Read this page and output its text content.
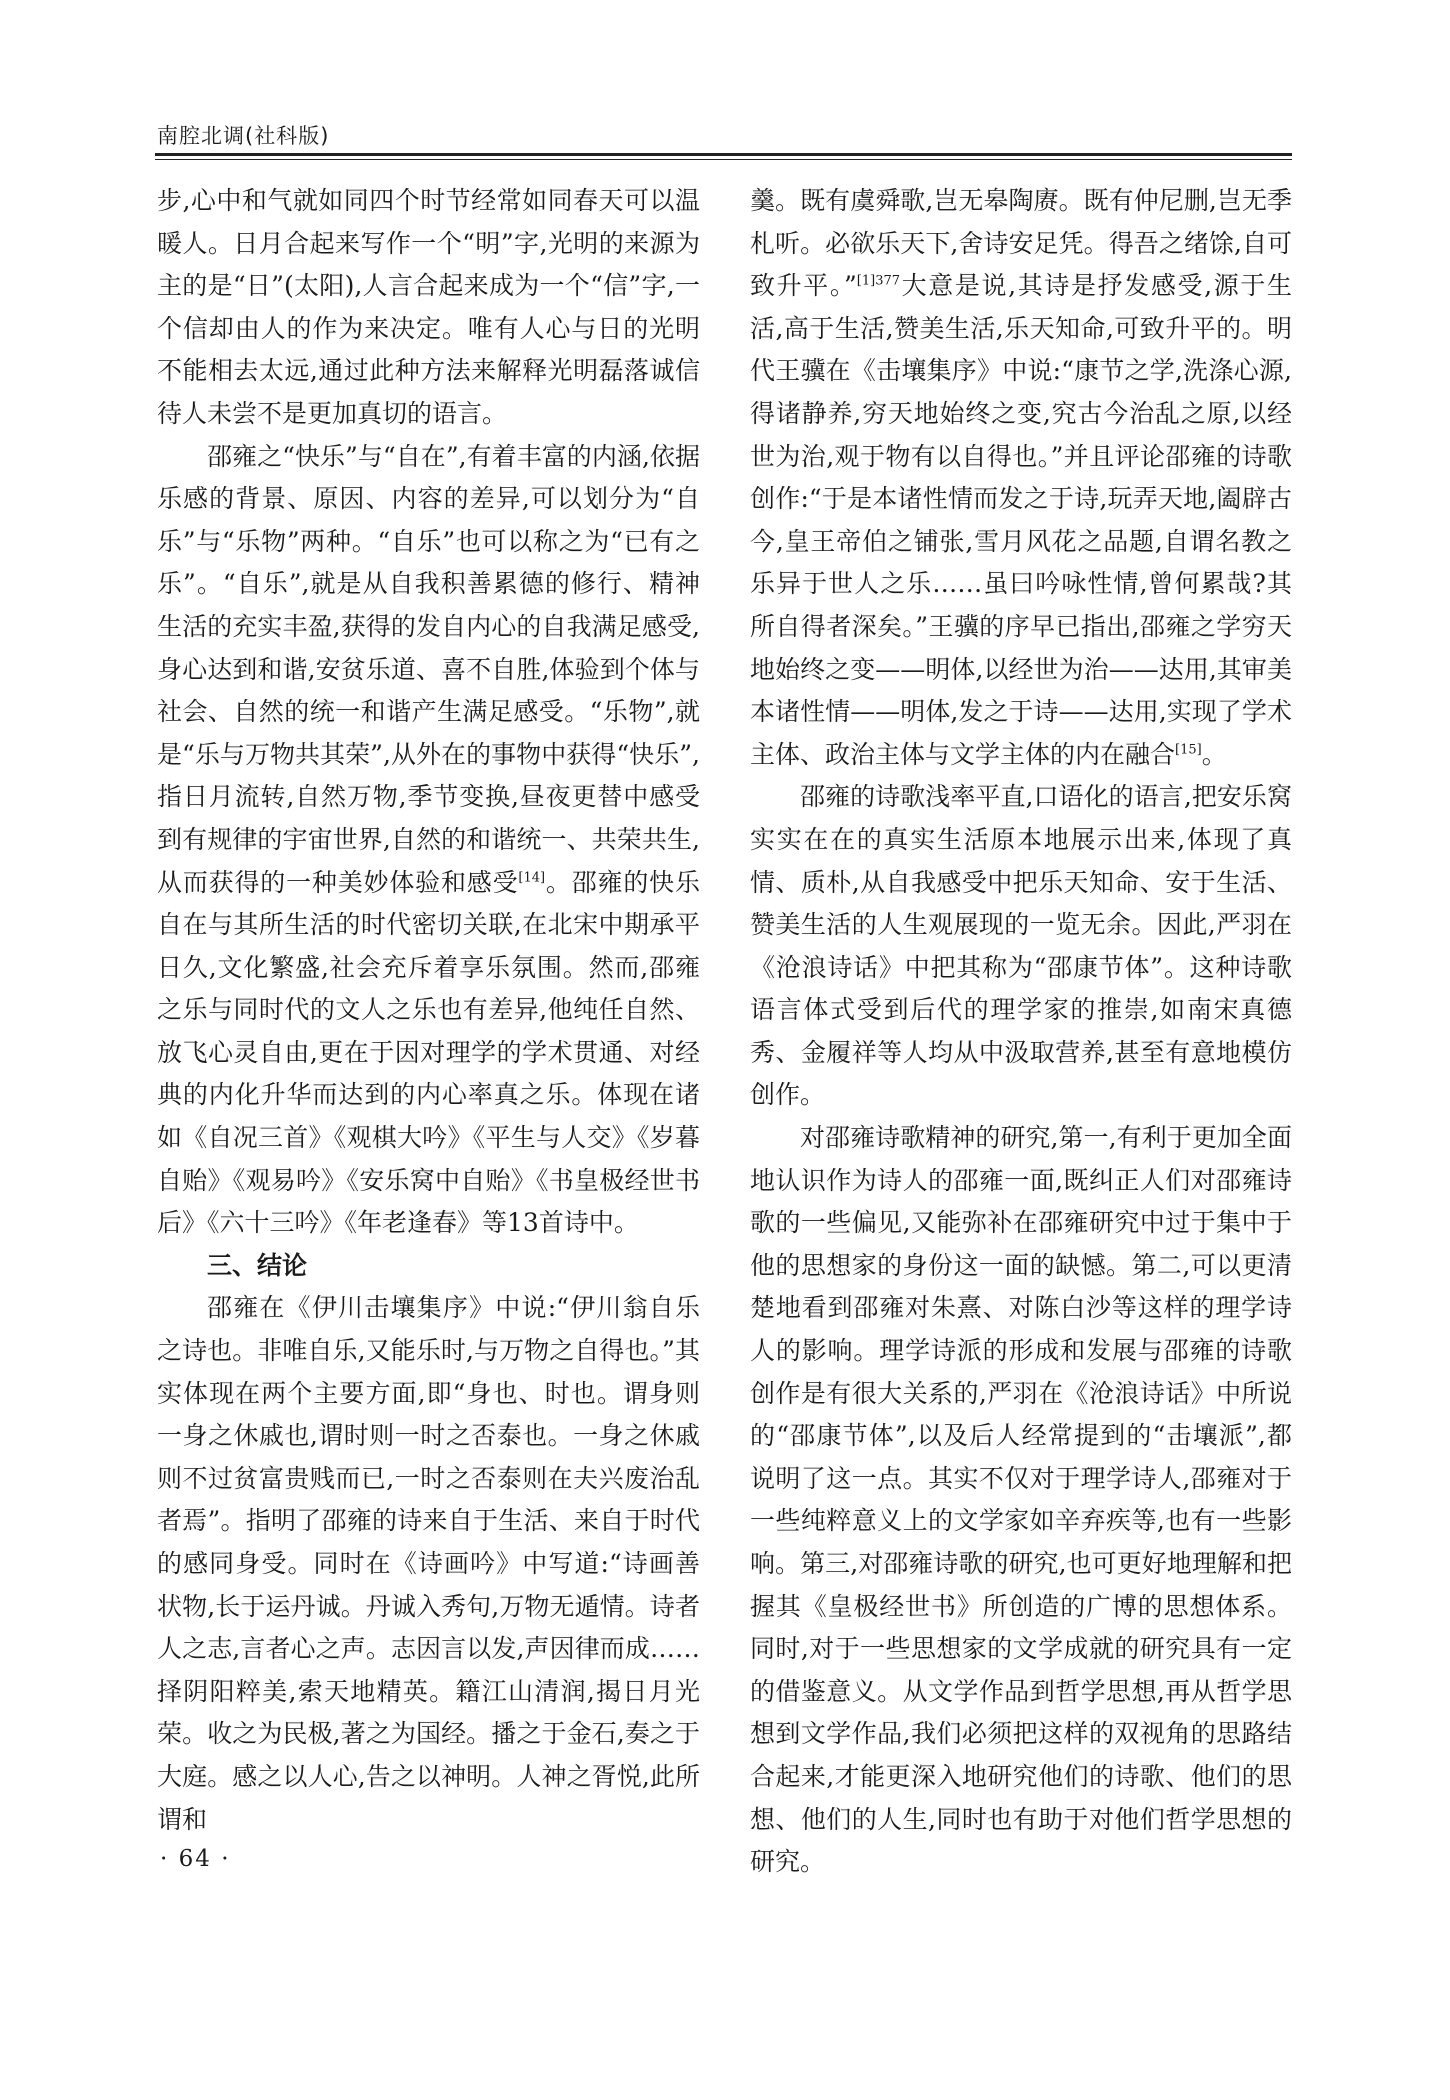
南腔北调(社科版)

步,心中和气就如同四个时节经常如同春天可以温暖人。日月合起来写作一个“明”字,光明的来源为主的是“日”(太阳),人言合起来成为一个“信”字,一个信却由人的作为来决定。唯有人心与日的光明不能相去太远,通过此种方法来解释光明磊落诚信待人未尝不是更加真切的语言。

邵雍之“快乐”与“自在”,有着丰富的内涵,依据乐感的背景、原因、内容的差异,可以划分为“自乐”与“乐物”两种。“自乐”也可以称之为“已有之乐”。“自乐”,就是从自我积善累德的修行、精神生活的充实丰盈,获得的发自内心的自我满足感受,身心达到和谐,安贫乐道、喜不自胜,体验到个体与社会、自然的统一和谐产生满足感受。“乐物”,就是“乐与万物共其荣”,从外在的事物中获得“快乐”,指日月流转,自然万物,季节变换,昼夜更替中感受到有规律的宇宙世界,自然的和谐统一、共荣共生,从而获得的一种美妙体验和感受[14]。邵雍的快乐自在与其所生活的时代密切关联,在北宋中期承平日久,文化繁盛,社会充斥着享乐氛围。然而,邵雍之乐与同时代的文人之乐也有差异,他纯任自然、放飞心灵自由,更在于因对理学的学术贯通、对经典的内化升华而达到的内心率真之乐。体现在诸如《自况三首》《观棋大吟》《平生与人交》《岁暮自贻》《观易吟》《安乐窝中自贻》《书皇极经世书后》《六十三吟》《年老逢春》等13首诗中。

三、结论

邵雍在《伊川击壤集序》中说:“伊川翁自乐之诗也。非唯自乐,又能乐时,与万物之自得也。”其实体现在两个主要方面,即“身也、时也。谓身则一身之休戚也,谓时则一时之否泰也。一身之休戚则不过贫富贵贱而已,一时之否泰则在夫兴废治乱者焉”。指明了邵雍的诗来自于生活、来自于时代的感同身受。同时在《诗画吟》中写道:“诗画善状物,长于运丹诚。丹诚入秀句,万物无遁情。诗者人之志,言者心之声。志因言以发,声因律而成……择阴阳粹美,索天地精英。籍江山清润,揭日月光荣。收之为民极,著之为国经。播之于金石,奏之于大庭。感之以人心,告之以神明。人神之胥悦,此所谓和

羹。既有虞舜歌,岂无皋陶赓。既有仲尼删,岂无季札听。必欲乐天下,舍诗安足凭。得吾之绪馀,自可致升平。”$^{[1]377}$大意是说,其诗是抒发感受,源于生活,高于生活,赞美生活,乐天知命,可致升平的。明代王骥在《击壤集序》中说:“康节之学,洗涤心源,得诸静养,穷天地始终之变,究古今治乱之原,以经世为治,观于物有以自得也。”并且评论邵雍的诗歌创作:“于是本诸性情而发之于诗,玩弄天地,阖辟古今,皇王帝伯之铺张,雪月风花之品题,自谓名教之乐异于世人之乐……虽曰吟咏性情,曾何累哉?其所自得者深矣。”王骥的序早已指出,邵雍之学穷天地始终之变——明体,以经世为治——达用,其审美本诸性情——明体,发之于诗——达用,实现了学术主体、政治主体与文学主体的内在融合[15]。

邵雍的诗歌浅率平直,口语化的语言,把安乐窝实实在在的真实生活原本地展示出来,体现了真情、质朴,从自我感受中把乐天知命、安于生活、赞美生活的人生观展现的一览无余。因此,严羽在《沧浪诗话》中把其称为“邵康节体”。这种诗歌语言体式受到后代的理学家的推崇,如南宋真德秀、金履祥等人均从中汲取营养,甚至有意地模仿创作。

对邵雍诗歌精神的研究,第一,有利于更加全面地认识作为诗人的邵雍一面,既纠正人们对邵雍诗歌的一些偏见,又能弥补在邵雍研究中过于集中于他的思想家的身份这一面的缺憾。第二,可以更清楚地看到邵雍对朱熹、对陈白沙等这样的理学诗人的影响。理学诗派的形成和发展与邵雍的诗歌创作是有很大关系的,严羽在《沧浪诗话》中所说的“邵康节体”,以及后人经常提到的“击壤派”,都说明了这一点。其实不仅对于理学诗人,邵雍对于一些纯粹意义上的文学家如辛弃疾等,也有一些影响。第三,对邵雍诗歌的研究,也可更好地理解和把握其《皇极经世书》所创造的广博的思想体系。同时,对于一些思想家的文学成就的研究具有一定的借鉴意义。从文学作品到哲学思想,再从哲学思想到文学作品,我们必须把这样的双视角的思路结合起来,才能更深入地研究他们的诗歌、他们的思想、他们的人生,同时也有助于对他们哲学思想的研究。

· 64 ·
